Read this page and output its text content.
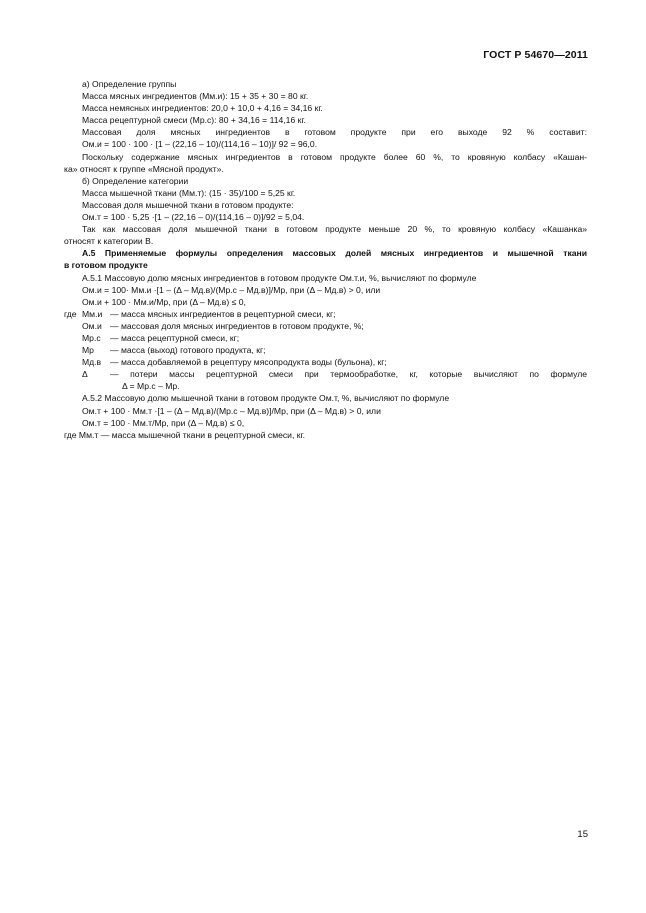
ГОСТ Р 54670—2011
а) Определение группы
Масса мясных ингредиентов (Mм.и): 15 + 35 + 30 = 80 кг.
Масса немясных ингредиентов: 20,0 + 10,0 + 4,16 = 34,16 кг.
Масса рецептурной смеси (Mр.с): 80 + 34,16 = 114,16 кг.
Массовая доля мясных ингредиентов в готовом продукте при его выходе 92 % составит:
Oм.и = 100 · 100 · [1 – (22,16 – 10)/(114,16 – 10)]/ 92 = 96,0.
Поскольку содержание мясных ингредиентов в готовом продукте более 60 %, то кровяную колбасу «Кашан-
ка» относят к группе «Мясной продукт».
б) Определение категории
Масса мышечной ткани (Mм.т): (15 · 35)/100 = 5,25 кг.
Массовая доля мышечной ткани в готовом продукте:
Oм.т = 100 · 5,25 ·[1 – (22,16 – 0)/(114,16 – 0)]/92 = 5,04.
Так как массовая доля мышечной ткани в готовом продукте меньше 20 %, то кровяную колбасу «Кашанка»
относят к категории В.
А.5 Применяемые формулы определения массовых долей мясных ингредиентов и мышечной ткани
в готовом продукте
А.5.1 Массовую долю мясных ингредиентов в готовом продукте Oм.т.и, %, вычисляют по формуле
Oм.и = 100· Mм.и ·[1 – (Δ – Mд.в)/(Mр.с – Mд.в)]/Mр, при (Δ – Mд.в) > 0, или
Oм.и + 100 · Mм.и/Mр, при (Δ – Mд.в) ≤ 0,
где Mм.и — масса мясных ингредиентов в рецептурной смеси, кг;
Oм.и — массовая доля мясных ингредиентов в готовом продукте, %;
Mр.с	— масса рецептурной смеси, кг;
Mр	— масса (выход) готового продукта, кг;
Mд.в	— масса добавляемой в рецептуру мясопродукта воды (бульона), кг;
Δ	— потери массы рецептурной смеси при термообработке, кг, которые вычисляют по формуле
Δ = Mр.с – Mр.
А.5.2 Массовую долю мышечной ткани в готовом продукте Oм.т, %, вычисляют по формуле
Oм.т + 100 · Mм.т ·[1 – (Δ – Mд.в)/(Mр.с – Mд.в)]/Mр, при (Δ – Mд.в) > 0, или
Oм.т = 100 · Mм.т/Mр, при (Δ – Mд.в) ≤ 0,
где Mм.т — масса мышечной ткани в рецептурной смеси, кг.
15
